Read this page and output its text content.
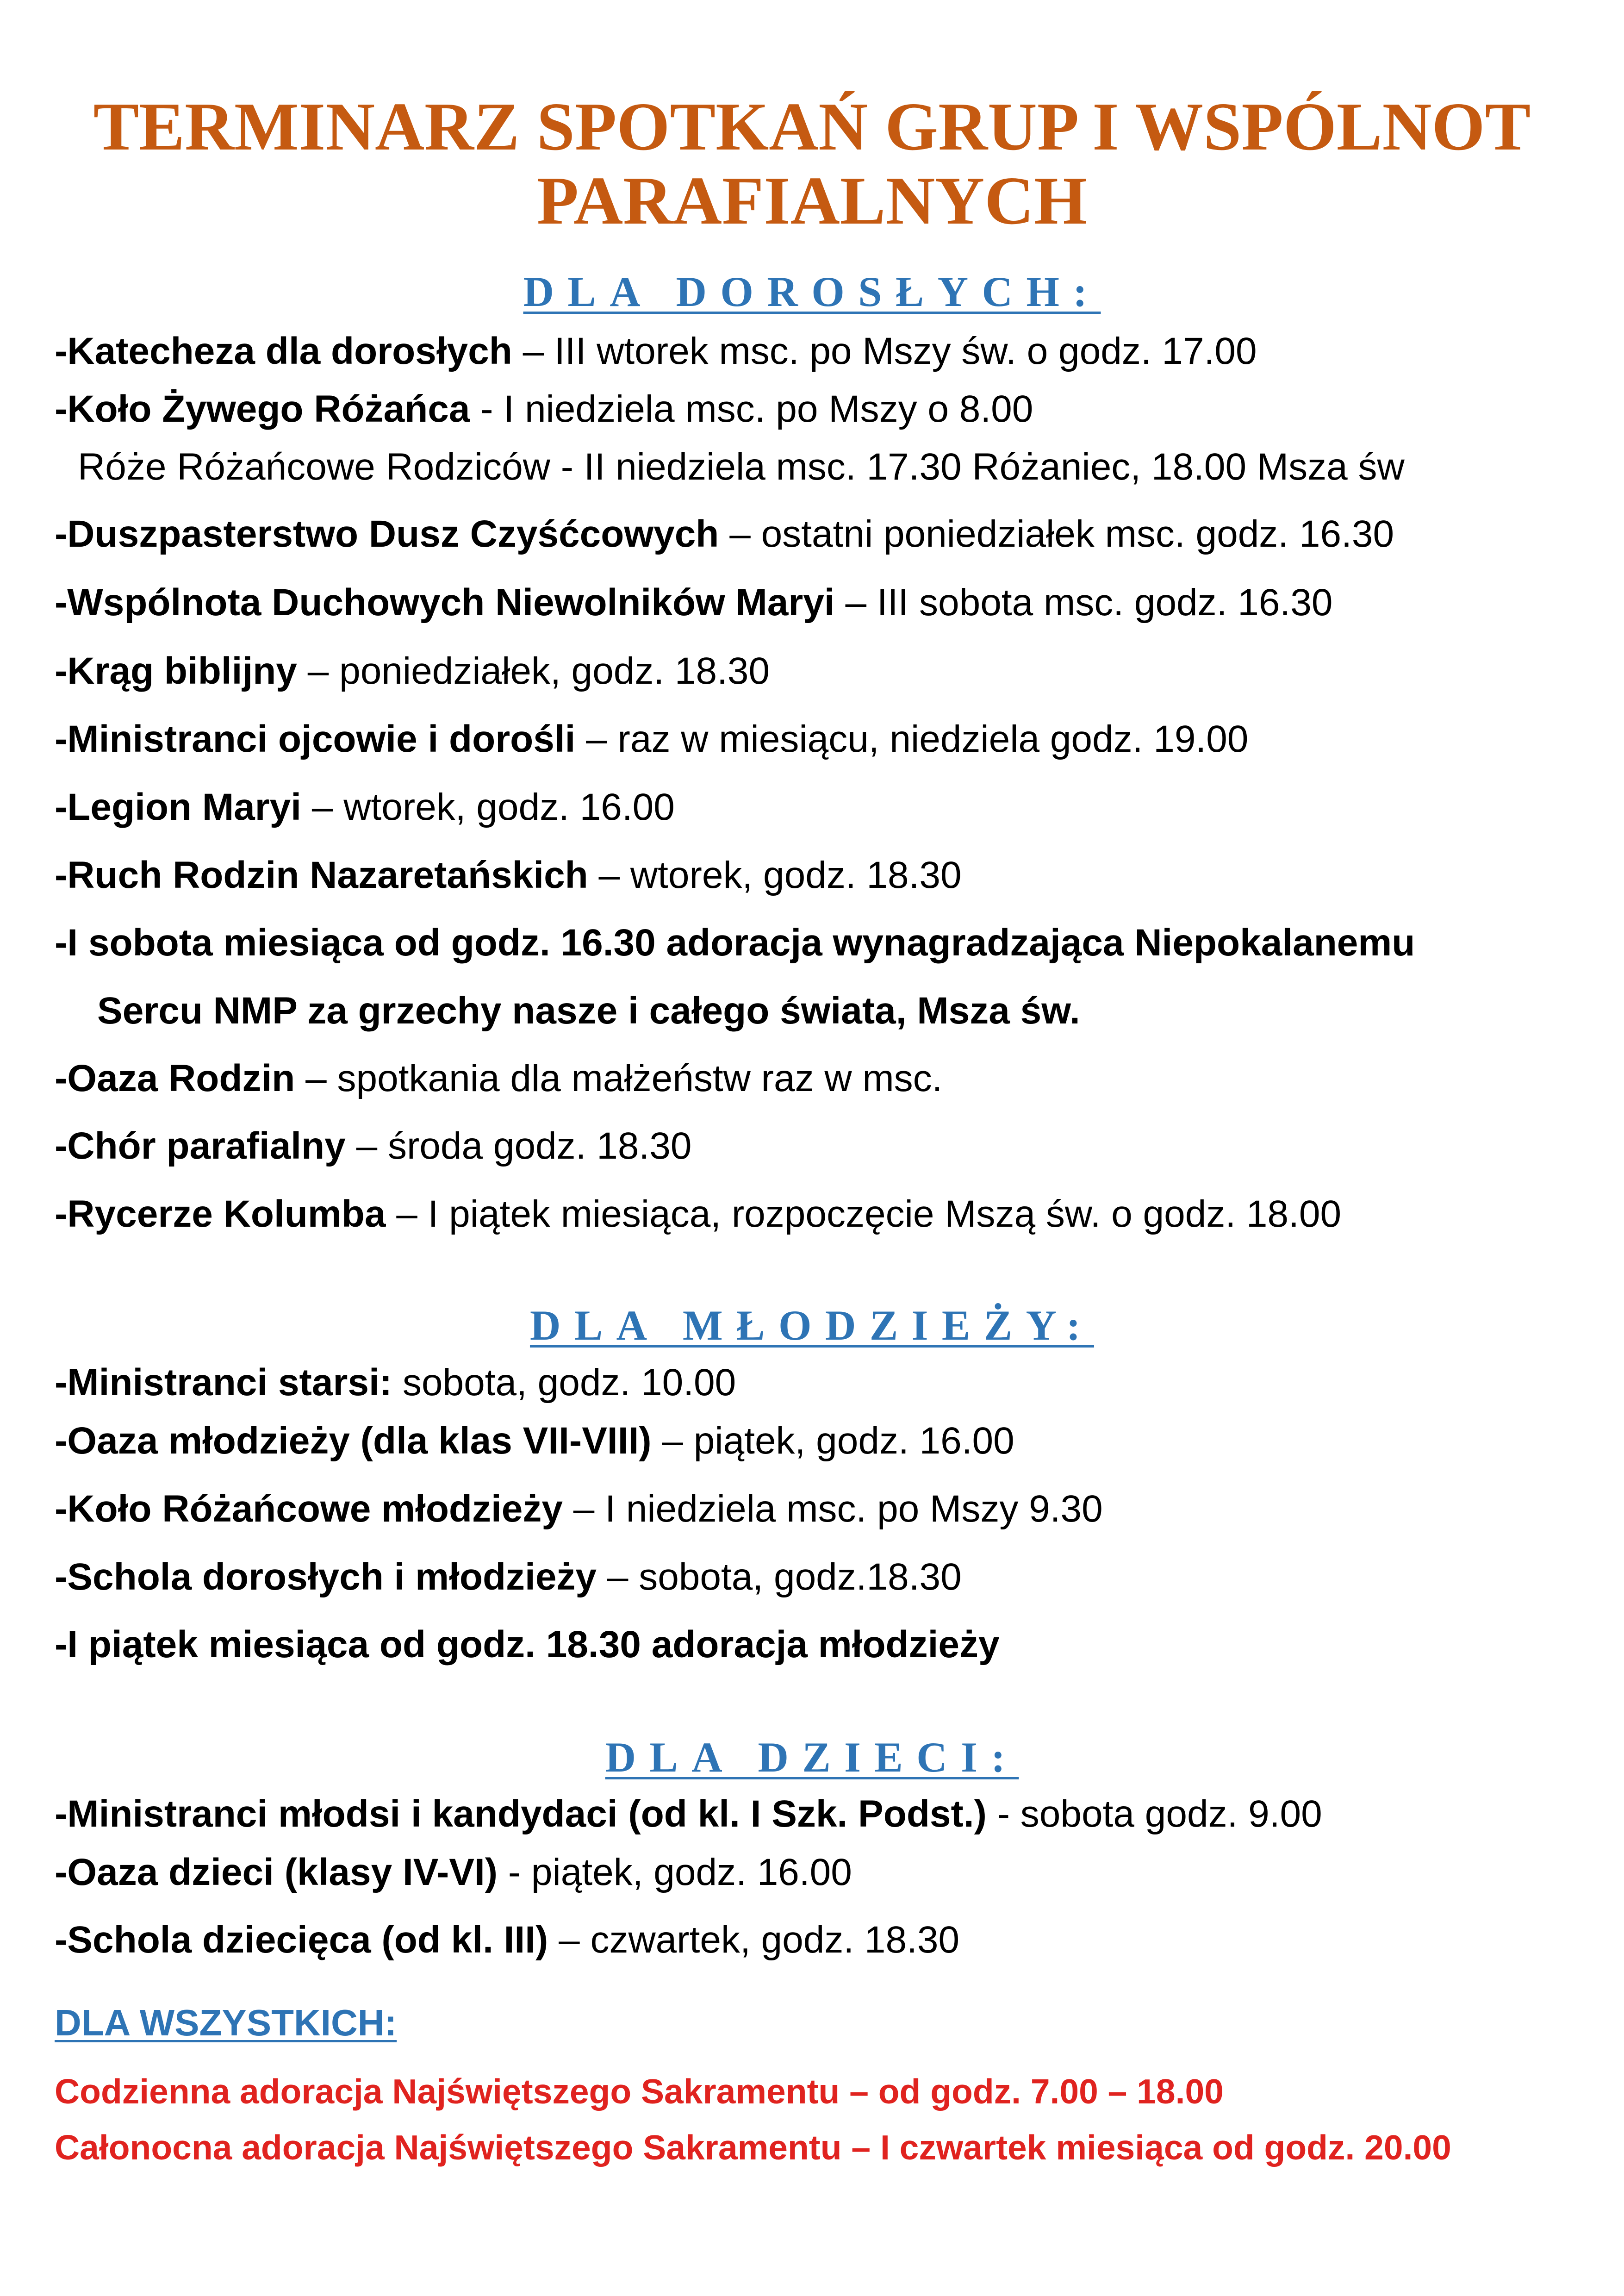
TERMINARZ SPOTKAŃ GRUP I WSPÓLNOT
PARAFIALNYCH
DLA DOROSŁYCH:
-Katecheza dla dorosłych – III wtorek msc. po Mszy św. o godz. 17.00
-Koło Żywego Różańca - I niedziela msc. po Mszy o 8.00
Róże Różańcowe Rodziców - II niedziela msc. 17.30 Różaniec, 18.00 Msza św
-Duszpasterstwo Dusz Czyśćcowych – ostatni poniedziałek msc. godz. 16.30
-Wspólnota Duchowych Niewolników Maryi – III sobota msc. godz. 16.30
-Krąg biblijny – poniedziałek, godz. 18.30
-Ministranci ojcowie i dorośli – raz w miesiącu, niedziela godz. 19.00
-Legion Maryi – wtorek, godz. 16.00
-Ruch Rodzin Nazaretańskich – wtorek, godz. 18.30
-I sobota miesiąca od godz. 16.30 adoracja wynagradzająca Niepokalanemu
Sercu NMP za grzechy nasze i całego świata, Msza św.
-Oaza Rodzin – spotkania dla małżeństw raz w msc.
-Chór parafialny – środa godz. 18.30
-Rycerze Kolumba – I piątek miesiąca, rozpoczęcie Mszą św. o godz. 18.00
DLA MŁODZIEŻY:
-Ministranci starsi: sobota, godz. 10.00
-Oaza młodzieży (dla klas VII-VIII) – piątek, godz. 16.00
-Koło Różańcowe młodzieży – I niedziela msc. po Mszy 9.30
-Schola dorosłych i młodzieży – sobota, godz.18.30
-I piątek miesiąca od godz. 18.30 adoracja młodzieży
DLA DZIECI:
-Ministranci młodsi i kandydaci (od kl. I Szk. Podst.) - sobota godz. 9.00
-Oaza dzieci (klasy IV-VI) - piątek, godz. 16.00
-Schola dziecięca (od kl. III) – czwartek, godz. 18.30
DLA WSZYSTKICH:
Codzienna adoracja Najświętszego Sakramentu – od godz. 7.00 – 18.00
Całonocna adoracja Najświętszego Sakramentu – I czwartek miesiąca od godz. 20.00
